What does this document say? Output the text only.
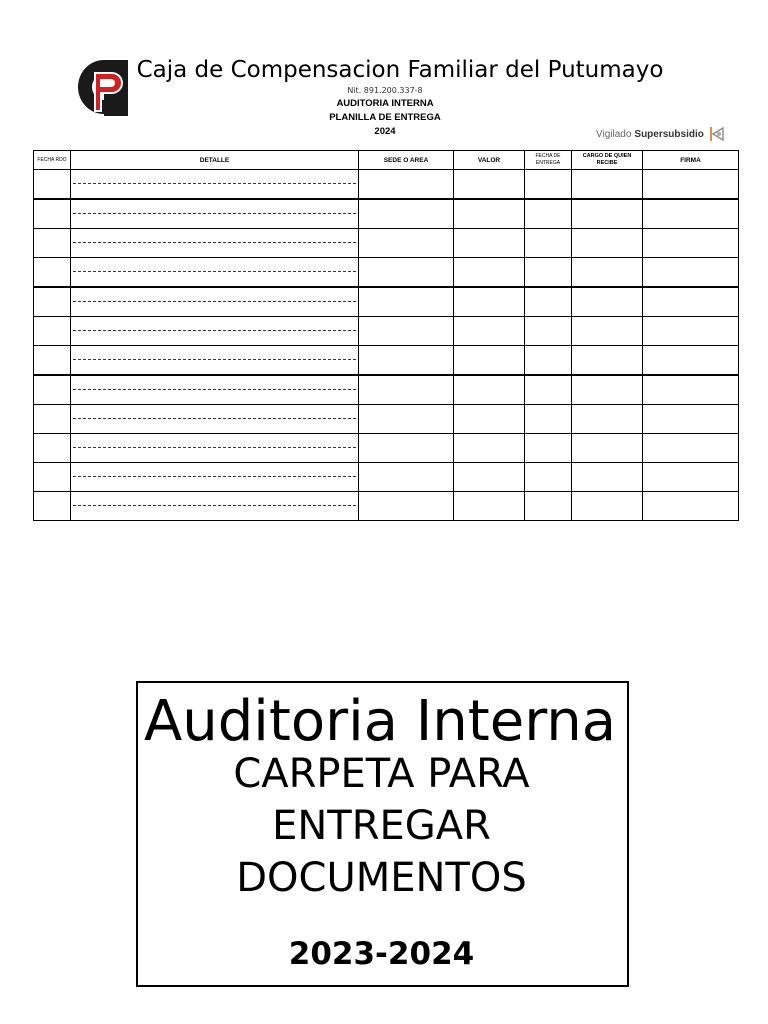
Caja de Compensacion Familiar del Putumayo
Nit. 891.200.337-8
AUDITORIA INTERNA
PLANILLA DE ENTREGA
2024	Vigilado Supersubsidio
FECHA RDO	DETALLE	SEDE O AREA	VALOR	FECHA DE ENTREGA	CARGO DE QUIEN RECIBE	FIRMA

Auditoria Interna
CARPETA PARA
ENTREGAR
DOCUMENTOS
2023-2024
